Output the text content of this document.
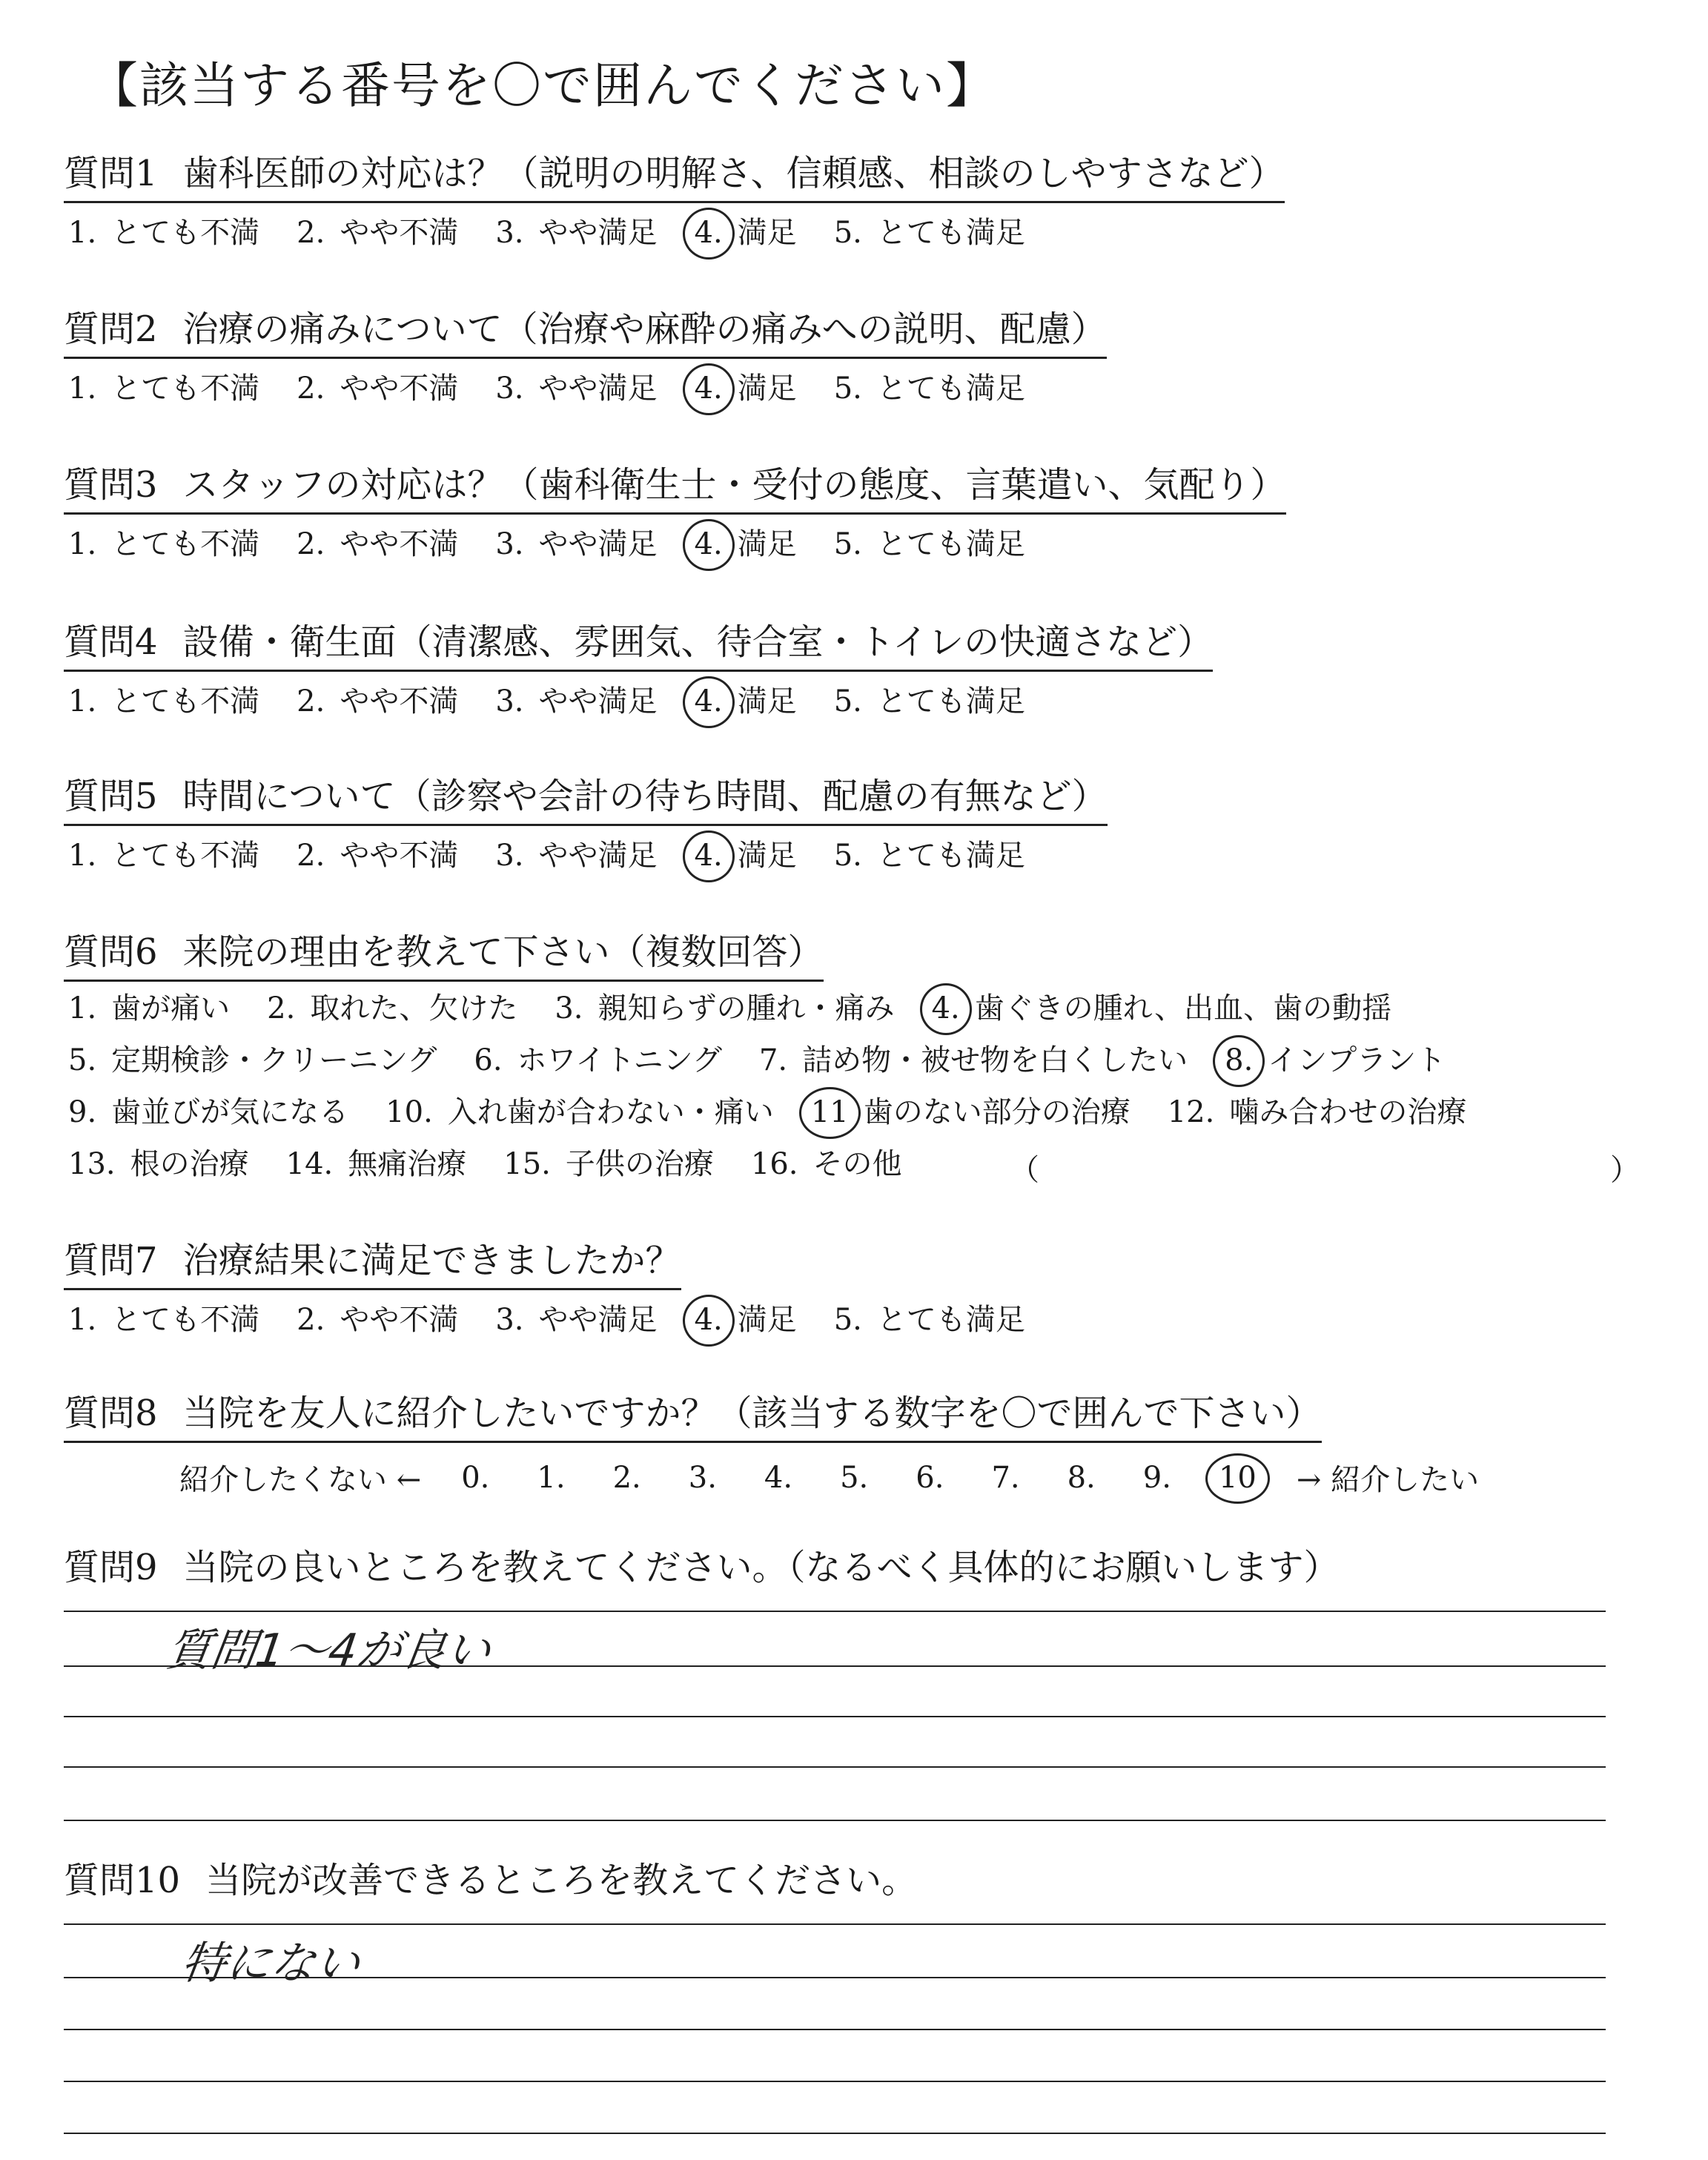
【該当する番号を〇で囲んでください】
質問1 歯科医師の対応は？（説明の明解さ、信頼感、相談のしやすさなど）
1. とても不満 2. やや不満 3. やや満足 4. 満足 5. とても満足
質問2 治療の痛みについて（治療や麻酔の痛みへの説明、配慮）
1. とても不満 2. やや不満 3. やや満足 4. 満足 5. とても満足
質問3 スタッフの対応は？（歯科衛生士・受付の態度、言葉遣い、気配り）
1. とても不満 2. やや不満 3. やや満足 4. 満足 5. とても満足
質問4 設備・衛生面（清潔感、雰囲気、待合室・トイレの快適さなど）
1. とても不満 2. やや不満 3. やや満足 4. 満足 5. とても満足
質問5 時間について（診察や会計の待ち時間、配慮の有無など）
1. とても不満 2. やや不満 3. やや満足 4. 満足 5. とても満足
質問6 来院の理由を教えて下さい（複数回答）
1. 歯が痛い 2. 取れた、欠けた 3. 親知らずの腫れ・痛み 4. 歯ぐきの腫れ、出血、歯の動揺
5. 定期検診・クリーニング 6. ホワイトニング 7. 詰め物・被せ物を白くしたい 8. インプラント
9. 歯並びが気になる 10. 入れ歯が合わない・痛い 11 歯のない部分の治療 12. 噛み合わせの治療
13. 根の治療 14. 無痛治療 15. 子供の治療 16. その他	（	）
質問7 治療結果に満足できましたか？
1. とても不満 2. やや不満 3. やや満足 4. 満足 5. とても満足
質問8 当院を友人に紹介したいですか？（該当する数字を〇で囲んで下さい）
紹介したくない ← 0. 1. 2. 3. 4. 5. 6. 7. 8. 9. 10 → 紹介したい
質問9 当院の良いところを教えてください。（なるべく具体的にお願いします）
質問1〜4が良い
質問10 当院が改善できるところを教えてください。
特にない
